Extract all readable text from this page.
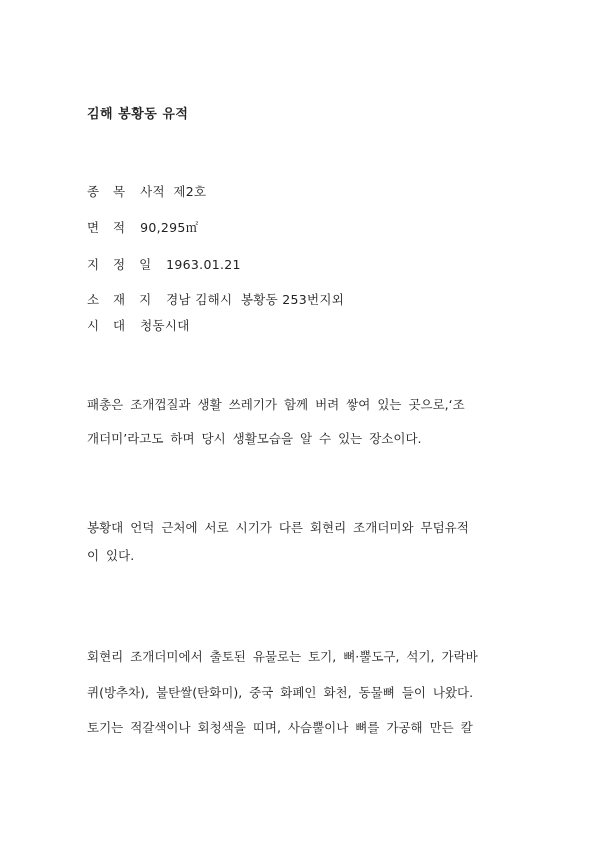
김해 봉황동 유적
종 목 사적  제2호
면 적 90,295㎡
지 정 일 1963.01.21
소 재 지 경남 김해시  봉황동 253번지외
시 대 청동시대
패총은 조개껍질과 생활 쓰레기가 함께 버려 쌓여 있는 곳으로,‘조
개더미’라고도 하며 당시 생활모습을 알 수 있는 장소이다.
봉황대 언덕 근처에 서로 시기가 다른 회현리 조개더미와 무덤유적
이 있다.
회현리 조개더미에서 출토된 유물로는 토기, 뼈·뿔도구, 석기, 가락바
퀴(방추차), 불탄쌀(탄화미), 중국 화폐인 화천, 동물뼈 들이 나왔다.
토기는 적갈색이나 회청색을 띠며, 사슴뿔이나 뼈를 가공해 만든 칼
